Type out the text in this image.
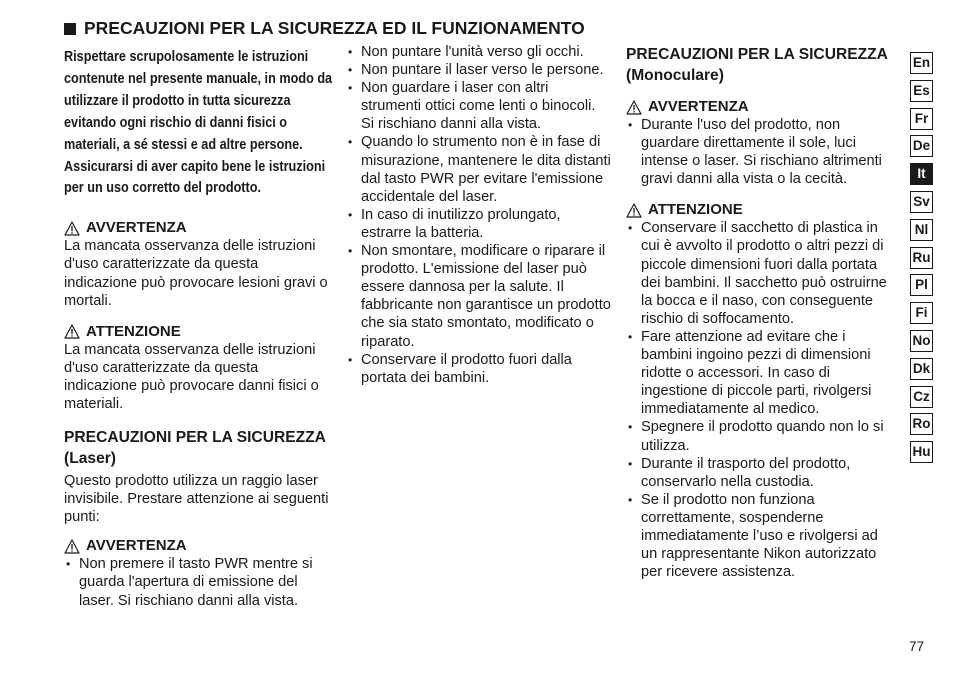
PRECAUZIONI PER LA SICUREZZA ED IL FUNZIONAMENTO

Rispettare scrupolosamente le istruzioni contenute nel presente manuale, in modo da utilizzare il prodotto in tutta sicurezza evitando ogni rischio di danni fisici o materiali, a sé stessi e ad altre persone. Assicurarsi di aver capito bene le istruzioni per un uso corretto del prodotto.

AVVERTENZA

La mancata osservanza delle istruzioni d'uso caratterizzate da questa indicazione può provocare lesioni gravi o mortali.

ATTENZIONE

La mancata osservanza delle istruzioni d'uso caratterizzate da questa indicazione può provocare danni fisici o materiali.

PRECAUZIONI PER LA SICUREZZA (Laser)

Questo prodotto utilizza un raggio laser invisibile. Prestare attenzione ai seguenti punti:

AVVERTENZA
• Non premere il tasto PWR mentre si guarda l'apertura di emissione del laser. Si rischiano danni alla vista.
• Non puntare l'unità verso gli occhi.
• Non puntare il laser verso le persone.
• Non guardare i laser con altri strumenti ottici come lenti o binocoli. Si rischiano danni alla vista.
• Quando lo strumento non è in fase di misurazione, mantenere le dita distanti dal tasto PWR per evitare l'emissione accidentale del laser.
• In caso di inutilizzo prolungato, estrarre la batteria.
• Non smontare, modificare o riparare il prodotto. L'emissione del laser può essere dannosa per la salute. Il fabbricante non garantisce un prodotto che sia stato smontato, modificato o riparato.
• Conservare il prodotto fuori dalla portata dei bambini.

PRECAUZIONI PER LA SICUREZZA (Monoculare)

AVVERTENZA
• Durante l'uso del prodotto, non guardare direttamente il sole, luci intense o laser. Si rischiano altrimenti gravi danni alla vista o la cecità.
ATTENZIONE
• Conservare il sacchetto di plastica in cui è avvolto il prodotto o altri pezzi di piccole dimensioni fuori dalla portata dei bambini. Il sacchetto può ostruirne la bocca e il naso, con conseguente rischio di soffocamento.
• Fare attenzione ad evitare che i bambini ingoino pezzi di dimensioni ridotte o accessori. In caso di ingestione di piccole parti, rivolgersi immediatamente al medico.
• Spegnere il prodotto quando non lo si utilizza.
• Durante il trasporto del prodotto, conservarlo nella custodia.
• Se il prodotto non funziona correttamente, sospenderne immediatamente l’uso e rivolgersi ad un rappresentante Nikon autorizzato per ricevere assistenza.
En
Es
Fr
De
It
Sv
Nl
Ru
Pl
Fi
No
Dk
Cz
Ro
Hu
77
